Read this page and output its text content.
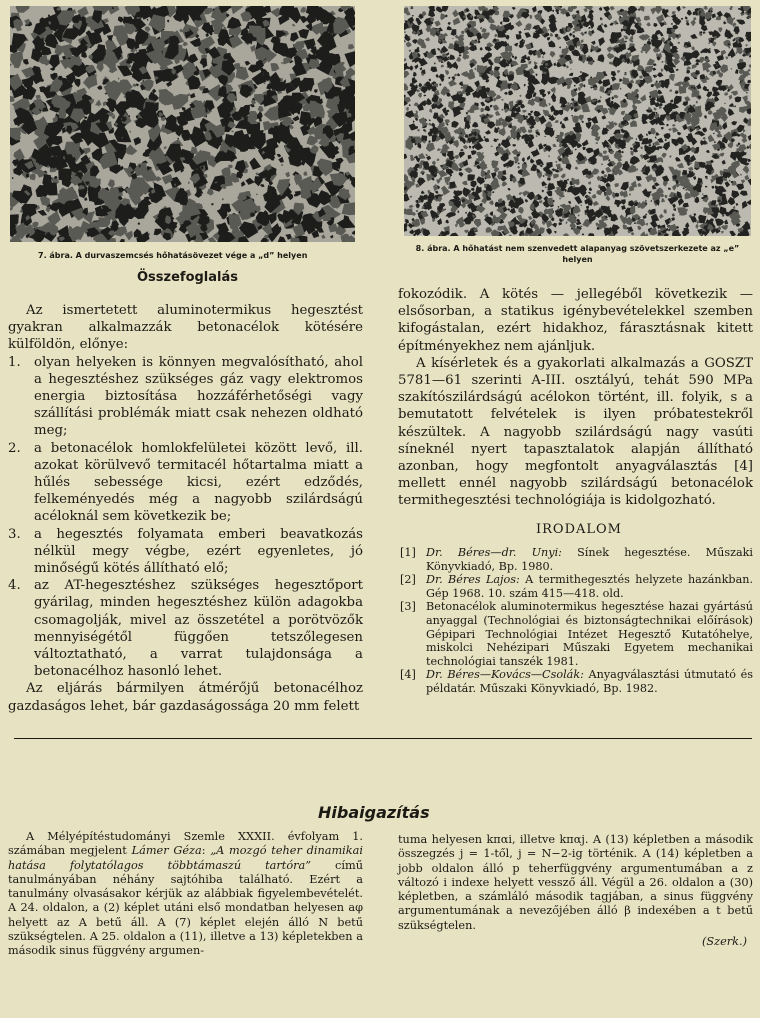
7. ábra. A durvaszemcsés hőhatásövezet vége a „d” helyen
8. ábra. A hőhatást nem szenvedett alapanyag szövetszerkezete az „e” helyen
Összefoglalás

Az ismertetett aluminotermikus hegesztést gyakran alkalmazzák betonacélok kötésére külföldön, előnye:

1. olyan helyeken is könnyen megvalósítható, ahol a hegesztéshez szükséges gáz vagy elektromos energia biztosítása hozzáférhetőségi vagy szállítási problémák miatt csak nehezen oldható meg;
2. a betonacélok homlokfelületei között levő, ill. azokat körülvevő termitacél hőtartalma miatt a hűlés sebessége kicsi, ezért edződés, felkeményedés még a nagyobb szilárdságú acéloknál sem következik be;
3. a hegesztés folyamata emberi beavatkozás nélkül megy végbe, ezért egyenletes, jó minőségű kötés állítható elő;
4. az AT-hegesztéshez szükséges hegesztőport gyárilag, minden hegesztéshez külön adagokba csomagolják, mivel az összetétel a porötvözők mennyiségétől függően tetszőlegesen változtatható, a varrat tulajdonsága a betonacélhoz hasonló lehet.

Az eljárás bármilyen átmérőjű betonacélhoz gazdaságos lehet, bár gazdaságossága 20 mm felett

fokozódik. A kötés — jellegéből következik — elsősorban, a statikus igénybevételekkel szemben kifogástalan, ezért hidakhoz, fárasztásnak kitett építményekhez nem ajánljuk.

A kísérletek és a gyakorlati alkalmazás a GOSZT 5781—61 szerinti A-III. osztályú, tehát 590 MPa szakítószilárdságú acélokon történt, ill. folyik, s a bemutatott felvételek is ilyen próbatestekről készültek. A nagyobb szilárdságú nagy vasúti síneknél nyert tapasztalatok alapján állítható azonban, hogy megfontolt anyagválasztás [4] mellett ennél nagyobb szilárdságú betonacélok termithegesztési technológiája is kidolgozható.

IRODALOM
[1] Dr. Béres—dr. Unyi: Sínek hegesztése. Műszaki Könyvkiadó, Bp. 1980.
[2] Dr. Béres Lajos: A termithegesztés helyzete hazánkban. Gép 1968. 10. szám 415—418. old.
[3] Betonacélok aluminotermikus hegesztése hazai gyártású anyaggal (Technológiai és biztonságtechnikai előírások) Gépipari Technológiai Intézet Hegesztő Kutatóhelye, miskolci Nehézipari Műszaki Egyetem mechanikai technológiai tanszék 1981.
[4] Dr. Béres—Kovács—Csolák: Anyagválasztási útmutató és példatár. Műszaki Könyvkiadó, Bp. 1982.
Hibaigazítás

A Mélyépítéstudományi Szemle XXXII. évfolyam 1. számában megjelent Lámer Géza: „A mozgó teher dinamikai hatása folytatólagos többtámaszú tartóra” című tanulmányában néhány sajtóhiba található. Ezért a tanulmány olvasásakor kérjük az alábbiak figyelembevételét. A 24. oldalon, a (2) képlet utáni első mondatban helyesen aφ helyett az A betű áll. A (7) képlet elején álló N betű szükségtelen. A 25. oldalon a (11), illetve a 13) képletekben a második sinus függvény argumen-

tuma helyesen kπαi, illetve kπαj. A (13) képletben a második összegzés j = 1-től, j = N−2-ig történik. A (14) képletben a jobb oldalon álló p teherfüggvény argumentumában a z változó i indexe helyett vessző áll. Végül a 26. oldalon a (30) képletben, a számláló második tagjában, a sinus függvény argumentumának a nevezőjében álló β indexében a t betű szükségtelen.

(Szerk.)
